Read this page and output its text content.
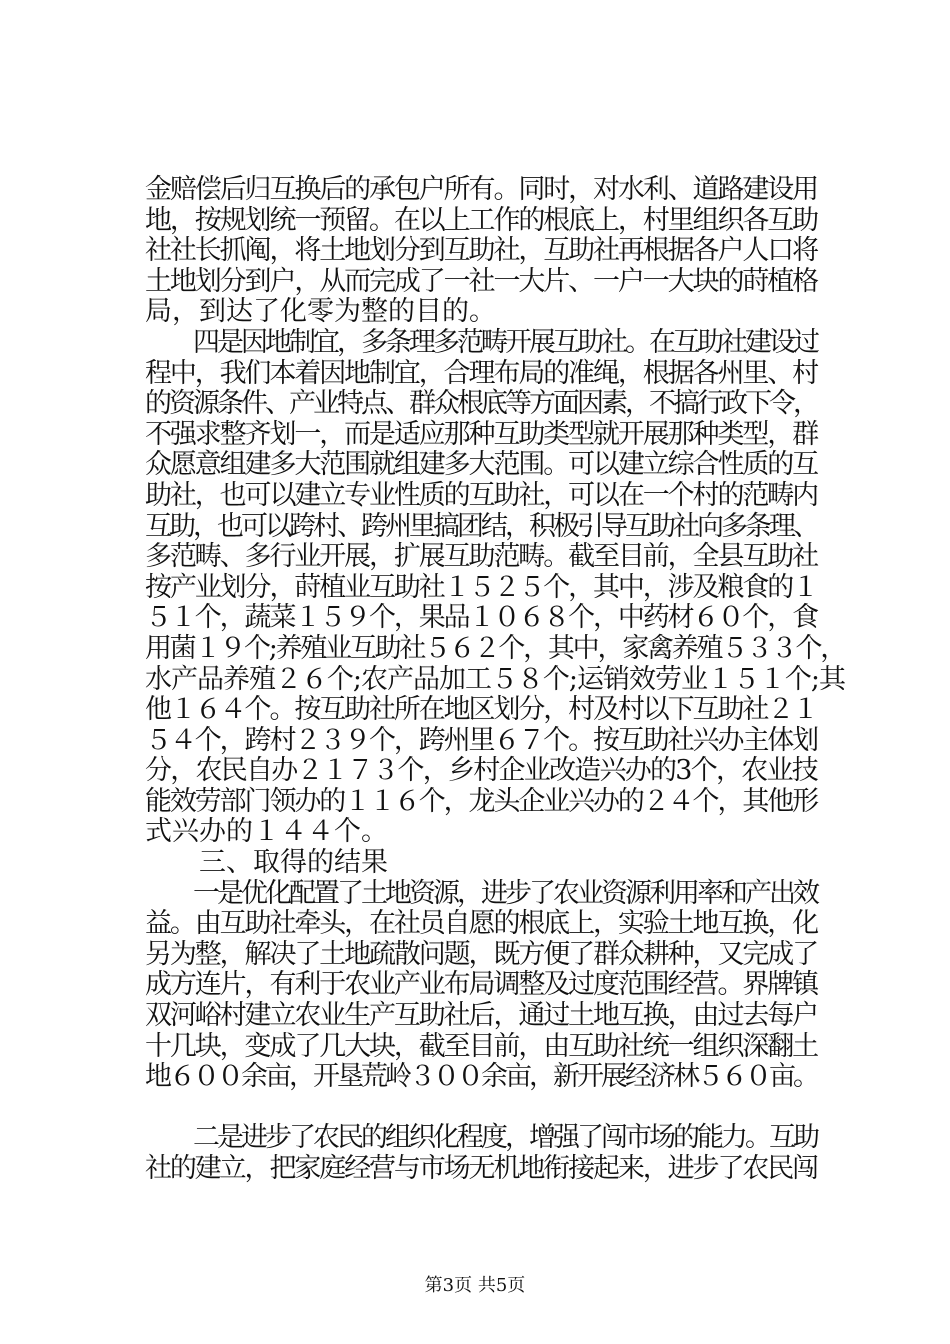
金赔偿后归互换后的承包户所有。同时，对水利、道路建设用
地，按规划统一预留。在以上工作的根底上，村里组织各互助
社社长抓阄，将土地划分到互助社，互助社再根据各户人口将
土地划分到户，从而完成了一社一大片、一户一大块的莳植格
局，到达了化零为整的目的。
　　四是因地制宜，多条理多范畴开展互助社。在互助社建设过
程中，我们本着因地制宜，合理布局的准绳，根据各州里、村
的资源条件、产业特点、群众根底等方面因素，不搞行政下令，
不强求整齐划一，而是适应那种互助类型就开展那种类型，群
众愿意组建多大范围就组建多大范围。可以建立综合性质的互
助社，也可以建立专业性质的互助社，可以在一个村的范畴内
互助，也可以跨村、跨州里搞团结，积极引导互助社向多条理、
多范畴、多行业开展，扩展互助范畴。截至目前，全县互助社
按产业划分，莳植业互助社１５２５个，其中，涉及粮食的１
５１个，蔬菜１５９个，果品１０６８个，中药材６０个，食
用菌１９个;养殖业互助社５６２个，其中，家禽养殖５３３个，
水产品养殖２６个;农产品加工５８个;运销效劳业１５１个;其
他１６４个。按互助社所在地区划分，村及村以下互助社２１
５４个，跨村２３９个，跨州里６７个。按互助社兴办主体划
分，农民自办２１７３个，乡村企业改造兴办的3个，农业技
能效劳部门领办的１１６个，龙头企业兴办的２４个，其他形
式兴办的１４４个。
　　三、取得的结果
　　一是优化配置了土地资源，进步了农业资源利用率和产出效
益。由互助社牵头，在社员自愿的根底上，实验土地互换，化
另为整，解决了土地疏散问题，既方便了群众耕种，又完成了
成方连片，有利于农业产业布局调整及过度范围经营。界牌镇
双河峪村建立农业生产互助社后，通过土地互换，由过去每户
十几块，变成了几大块，截至目前，由互助社统一组织深翻土
地６００余亩，开垦荒岭３００余亩，新开展经济林５６０亩。
　　二是进步了农民的组织化程度，增强了闯市场的能力。互助
社的建立，把家庭经营与市场无机地衔接起来，进步了农民闯
第3页 共5页
